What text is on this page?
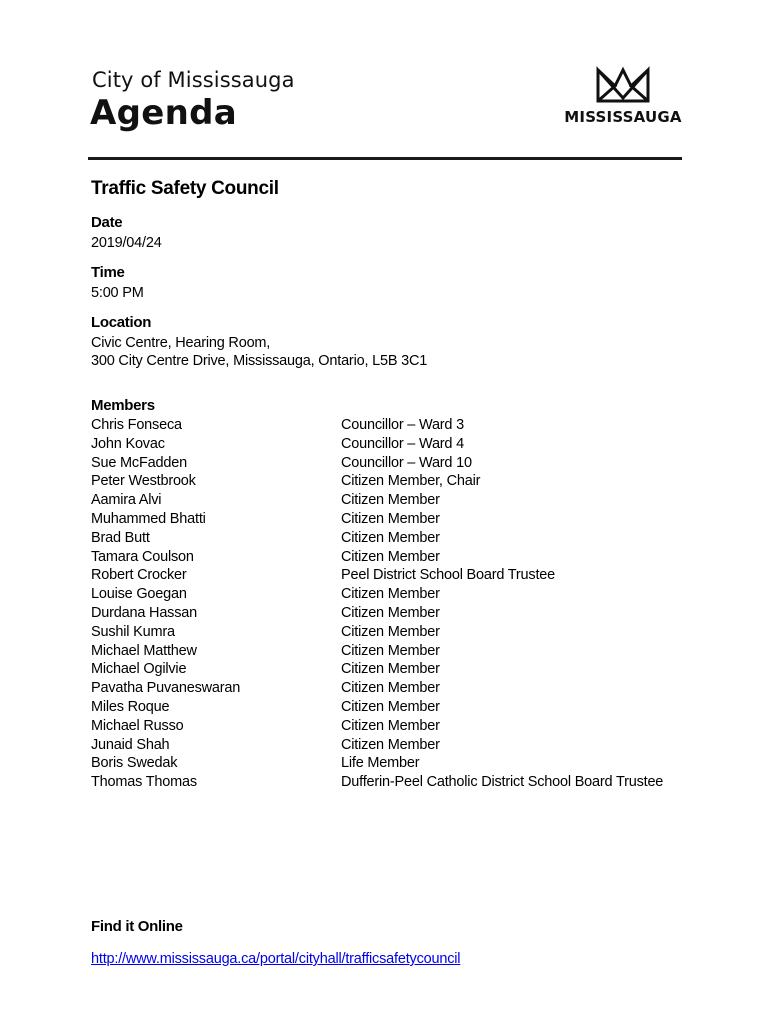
City of Mississauga
Agenda	MISSISSAUGA
Traffic Safety Council
Date
2019/04/24
Time
5:00 PM
Location
Civic Centre, Hearing Room,
300 City Centre Drive, Mississauga, Ontario, L5B 3C1
Members
Chris Fonseca	Councillor – Ward 3
John Kovac	Councillor – Ward 4
Sue McFadden	Councillor – Ward 10
Peter Westbrook	Citizen Member, Chair
Aamira Alvi	Citizen Member
Muhammed Bhatti	Citizen Member
Brad Butt	Citizen Member
Tamara Coulson	Citizen Member
Robert Crocker	Peel District School Board Trustee
Louise Goegan	Citizen Member
Durdana Hassan	Citizen Member
Sushil Kumra	Citizen Member
Michael Matthew	Citizen Member
Michael Ogilvie	Citizen Member
Pavatha Puvaneswaran	Citizen Member
Miles Roque	Citizen Member
Michael Russo	Citizen Member
Junaid Shah	Citizen Member
Boris Swedak	Life Member
Thomas Thomas	Dufferin-Peel Catholic District School Board Trustee
Find it Online
http://www.mississauga.ca/portal/cityhall/trafficsafetycouncil
